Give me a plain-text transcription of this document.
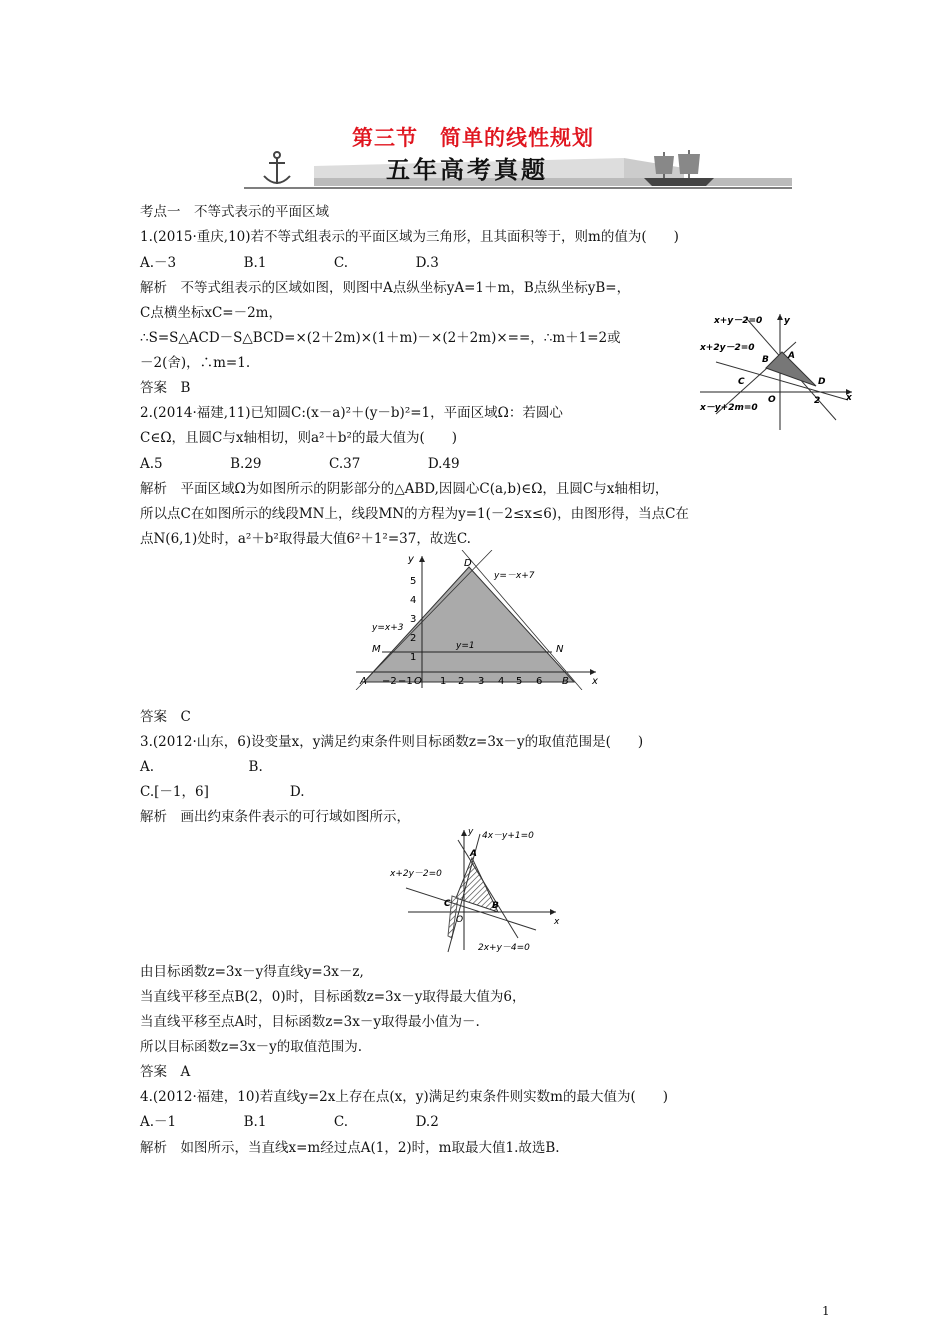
第三节　简单的线性规划
五年高考真题
考点一　不等式表示的平面区域
1.(2015·重庆,10)若不等式组表示的平面区域为三角形，且其面积等于，则m的值为(　　)
A.－3　　　　　B.1　　　　　C.　　　　　D.3
解析　不等式组表示的区域如图，则图中A点纵坐标yA=1＋m，B点纵坐标yB=，
C点横坐标xC=－2m，
∴S=S△ACD－S△BCD=×(2＋2m)×(1＋m)－×(2＋2m)×==，∴m＋1=2或
－2(舍)，∴m=1.
答案　B
2.(2014·福建,11)已知圆C:(x－a)²＋(y－b)²=1，平面区域Ω：若圆心
C∈Ω，且圆C与x轴相切，则a²＋b²的最大值为(　　)
A.5　　　　　B.29　　　　　C.37　　　　　D.49
解析　平面区域Ω为如图所示的阴影部分的△ABD,因圆心C(a,b)∈Ω，且圆C与x轴相切，
所以点C在如图所示的线段MN上，线段MN的方程为y=1(－2≤x≤6)，由图形得，当点C在
点N(6,1)处时，a²＋b²取得最大值6²＋1²=37，故选C.
答案　C
3.(2012·山东，6)设变量x，y满足约束条件则目标函数z=3x－y的取值范围是(　　)
A.　　　　　　　B.
C.[－1，6]　　　　　　D.
解析　画出约束条件表示的可行域如图所示，
由目标函数z=3x－y得直线y=3x－z,
当直线平移至点B(2，0)时，目标函数z=3x－y取得最大值为6，
当直线平移至点A时，目标函数z=3x－y取得最小值为－.
所以目标函数z=3x－y的取值范围为.
答案　A
4.(2012·福建，10)若直线y=2x上存在点(x，y)满足约束条件则实数m的最大值为(　　)
A.－1　　　　　B.1　　　　　C.　　　　　D.2
解析　如图所示，当直线x=m经过点A(1，2)时，m取最大值1.故选B.
x+y－2=0 y
x+2y－2=0
B A
C	D
O	2	x
x－y+2m=0
y	D
y=－x+7
y=x+3
y=1
M	N
A	B
O	x
5
4
3
2
1
−2 −1	1 2 3 4 5 6
y 4x－y+1=0
A
x+2y－2=0
C
O
B
x
2x+y－4=0
1
